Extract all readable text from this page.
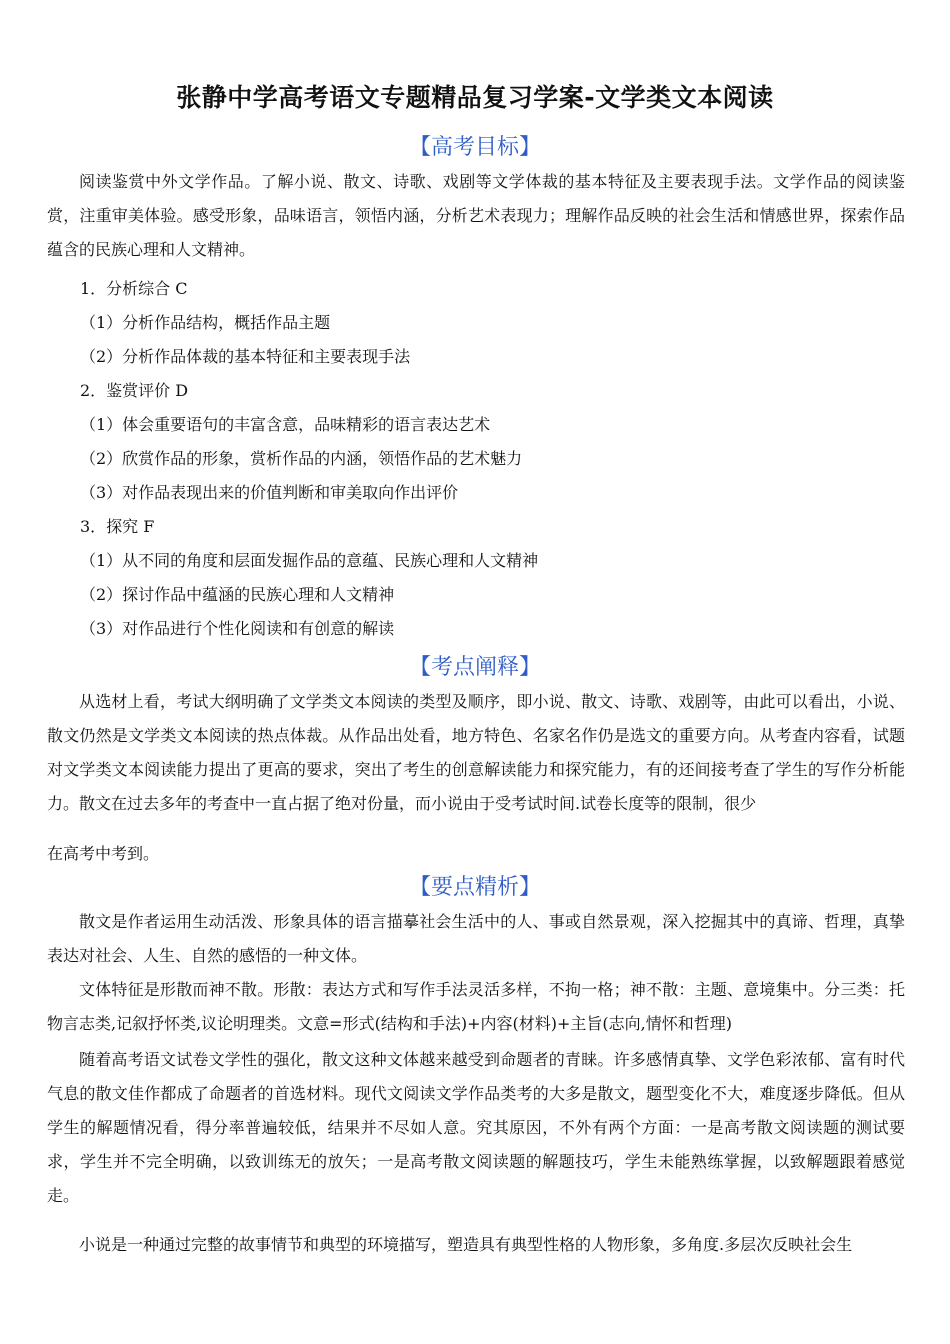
张静中学高考语文专题精品复习学案-文学类文本阅读
【高考目标】
阅读鉴赏中外文学作品。了解小说、散文、诗歌、戏剧等文学体裁的基本特征及主要表现手法。文学作品的阅读鉴赏，注重审美体验。感受形象，品味语言，领悟内涵，分析艺术表现力；理解作品反映的社会生活和情感世界，探索作品蕴含的民族心理和人文精神。
1．分析综合 C
（1）分析作品结构，概括作品主题
（2）分析作品体裁的基本特征和主要表现手法
2．鉴赏评价 D
（1）体会重要语句的丰富含意，品味精彩的语言表达艺术
（2）欣赏作品的形象，赏析作品的内涵，领悟作品的艺术魅力
（3）对作品表现出来的价值判断和审美取向作出评价
3．探究 F
（1）从不同的角度和层面发掘作品的意蕴、民族心理和人文精神
（2）探讨作品中蕴涵的民族心理和人文精神
（3）对作品进行个性化阅读和有创意的解读
【考点阐释】
从选材上看，考试大纲明确了文学类文本阅读的类型及顺序，即小说、散文、诗歌、戏剧等，由此可以看出，小说、散文仍然是文学类文本阅读的热点体裁。从作品出处看，地方特色、名家名作仍是选文的重要方向。从考查内容看，试题对文学类文本阅读能力提出了更高的要求，突出了考生的创意解读能力和探究能力，有的还间接考查了学生的写作分析能力。散文在过去多年的考查中一直占据了绝对份量，而小说由于受考试时间.试卷长度等的限制，很少
在高考中考到。
【要点精析】
散文是作者运用生动活泼、形象具体的语言描摹社会生活中的人、事或自然景观，深入挖掘其中的真谛、哲理，真挚表达对社会、人生、自然的感悟的一种文体。
文体特征是形散而神不散。形散：表达方式和写作手法灵活多样，不拘一格；神不散：主题、意境集中。分三类：托物言志类,记叙抒怀类,议论明理类。文意=形式(结构和手法)+内容(材料)+主旨(志向,情怀和哲理)
随着高考语文试卷文学性的强化，散文这种文体越来越受到命题者的青睐。许多感情真挚、文学色彩浓郁、富有时代气息的散文佳作都成了命题者的首选材料。现代文阅读文学作品类考的大多是散文，题型变化不大，难度逐步降低。但从学生的解题情况看，得分率普遍较低，结果并不尽如人意。究其原因，不外有两个方面：一是高考散文阅读题的测试要求，学生并不完全明确，以致训练无的放矢；一是高考散文阅读题的解题技巧，学生未能熟练掌握，以致解题跟着感觉走。
小说是一种通过完整的故事情节和典型的环境描写，塑造具有典型性格的人物形象，多角度.多层次反映社会生
